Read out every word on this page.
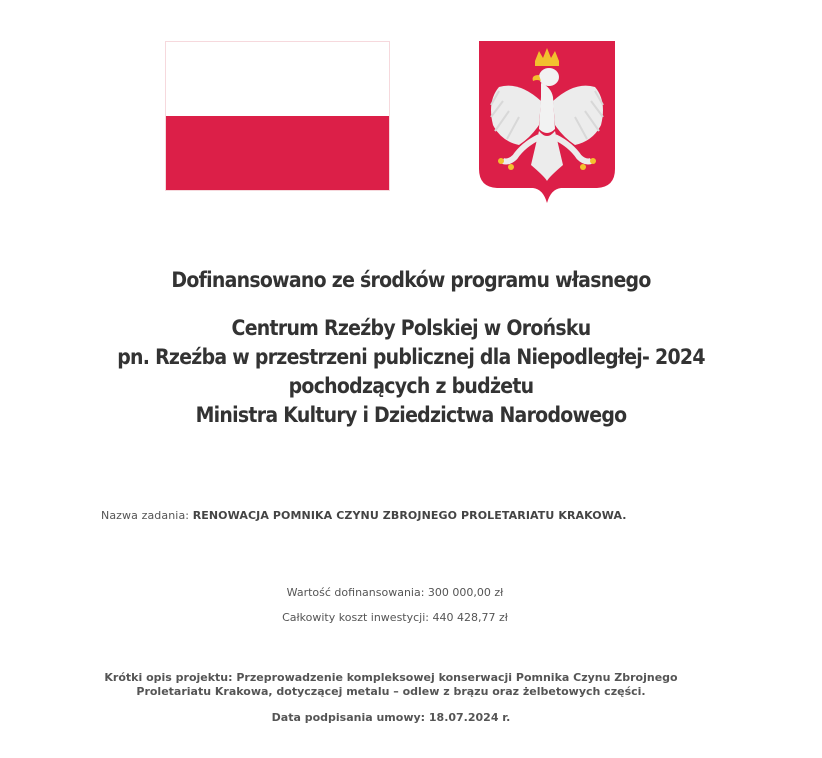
Dofinansowano ze środków programu własnego
Centrum Rzeźby Polskiej w Orońsku
pn. Rzeźba w przestrzeni publicznej dla Niepodległej- 2024
pochodzących z budżetu
Ministra Kultury i Dziedzictwa Narodowego
Nazwa zadania: RENOWACJA POMNIKA CZYNU ZBROJNEGO PROLETARIATU KRAKOWA.
Wartość dofinansowania: 300 000,00 zł
Całkowity koszt inwestycji: 440 428,77 zł
Krótki opis projektu: Przeprowadzenie kompleksowej konserwacji Pomnika Czynu Zbrojnego
Proletariatu Krakowa, dotyczącej metalu – odlew z brązu oraz żelbetowych części.
Data podpisania umowy: 18.07.2024 r.
